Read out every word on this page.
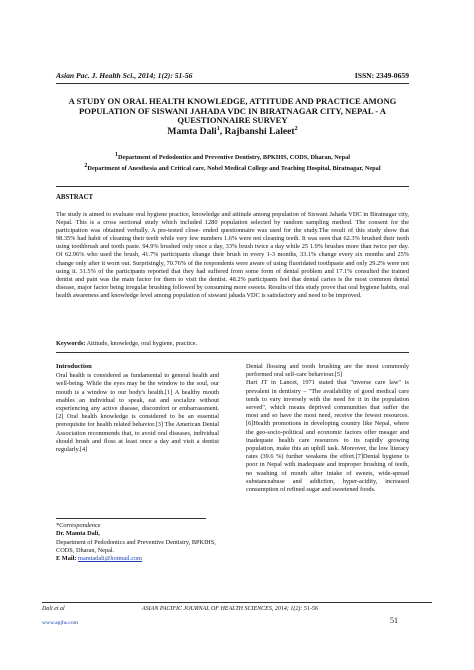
Asian Pac. J. Health Sci., 2014; 1(2): 51-56	ISSN: 2349-0659
A STUDY ON ORAL HEALTH KNOWLEDGE, ATTITUDE AND PRACTICE AMONG POPULATION OF SISWANI JAHADA VDC IN BIRATNAGAR CITY, NEPAL - A QUESTIONNAIRE SURVEY
Mamta Dali$^1$, Rajbanshi Laleet$^2$
$^1$Department of Pedodontics and Preventive Dentistry, BPKIHS, CODS, Dharan, Nepal
$^2$Department of Anesthesia and Critical care, Nobel Medical College and Teaching Hospital, Biratnagar, Nepal
ABSTRACT
The study is aimed to evaluate oral hygiene practice, knowledge and attitude among population of Siswani Jahada VDC in Biratnagar city, Nepal. This is a cross sectional study which included 1280 population selected by random sampling method. The consent for the participation was obtained verbally. A pre-tested close- ended questionnaire was used for the study.The result of this study show that 98.35% had habit of cleaning their teeth while very few numbers 1.6% were not cleaning teeth. It was seen that 62.3% brushed their teeth using toothbrush and tooth paste. 94.9% brushed only once a day, 33% brush twice a day while 25 1.9% brushes more than twice per day. Of 62.96% who used the brush, 41.7% participants change their brush in every 1-3 months, 33.1% change every six months and 25% change only after it worn out. Surprisingly, 70.76% of the respondents were aware of using fluoridated toothpaste and only 29.2% were not using it. 31.5% of the participants reported that they had suffered from some form of dental problem and 17.1% consulted the trained dentist and pain was the main factor for them to visit the dentist. 48.2% participants feel that dental caries is the most common dental disease, major factor being irregular brushing followed by consuming more sweets. Results of this study prove that oral hygiene habits, oral health awareness and knowledge level among population of siswani jahada VDC is satisfactory and need to be improved.
Keywords: Attitude, knowledge, oral hygiene, practice.
Introduction

Oral health is considered as fundamental to general health and well-being. While the eyes may be the window to the soul, our mouth is a window to our body's health.[1] A healthy mouth enables an individual to speak, eat and socialize without experiencing any active disease, discomfort or embarrassment.[2] Oral health knowledge is considered to be an essential prerequisite for health related behavior.[3] The American Dental Association recommends that, to avoid oral diseases, individual should brush and floss at least once a day and visit a dentist regularly.[4]

Dental flossing and tooth brushing are the most commonly performed oral self-care behaviour.[5]

Hart JT in Lancet, 1971 stated that "inverse care law" is prevalent in dentistry – "The availability of good medical care tends to vary inversely with the need for it in the population served", which means deprived communities that suffer the most and so have the most need, receive the fewest resources.[6]Health promotions in developing country like Nepal, where the geo-socio-political and economic factors offer meager and inadequate health care resources to its rapidly growing population, make this an uphill task. Moreover, the low literacy rates (39.6 %) further weakens the effort.[7]Dental hygiene is poor in Nepal with inadequate and improper brushing of teeth, no washing of mouth after intake of sweets, wide-spread substanceabuse and addiction, hyper-acidity, increased consumption of refined sugar and sweetened foods.

*Correspondence
Dr. Mamta Dali,
Department of Pedodontics and Preventive Dentistry, BPKIHS, CODS, Dharan, Nepal.
E Mail: mamtadali@hotmail.com
Dali et al	ASIAN PACIFIC JOURNAL OF HEALTH SCIENCES, 2014; 1(2): 51-56
www.apjhs.com	51
